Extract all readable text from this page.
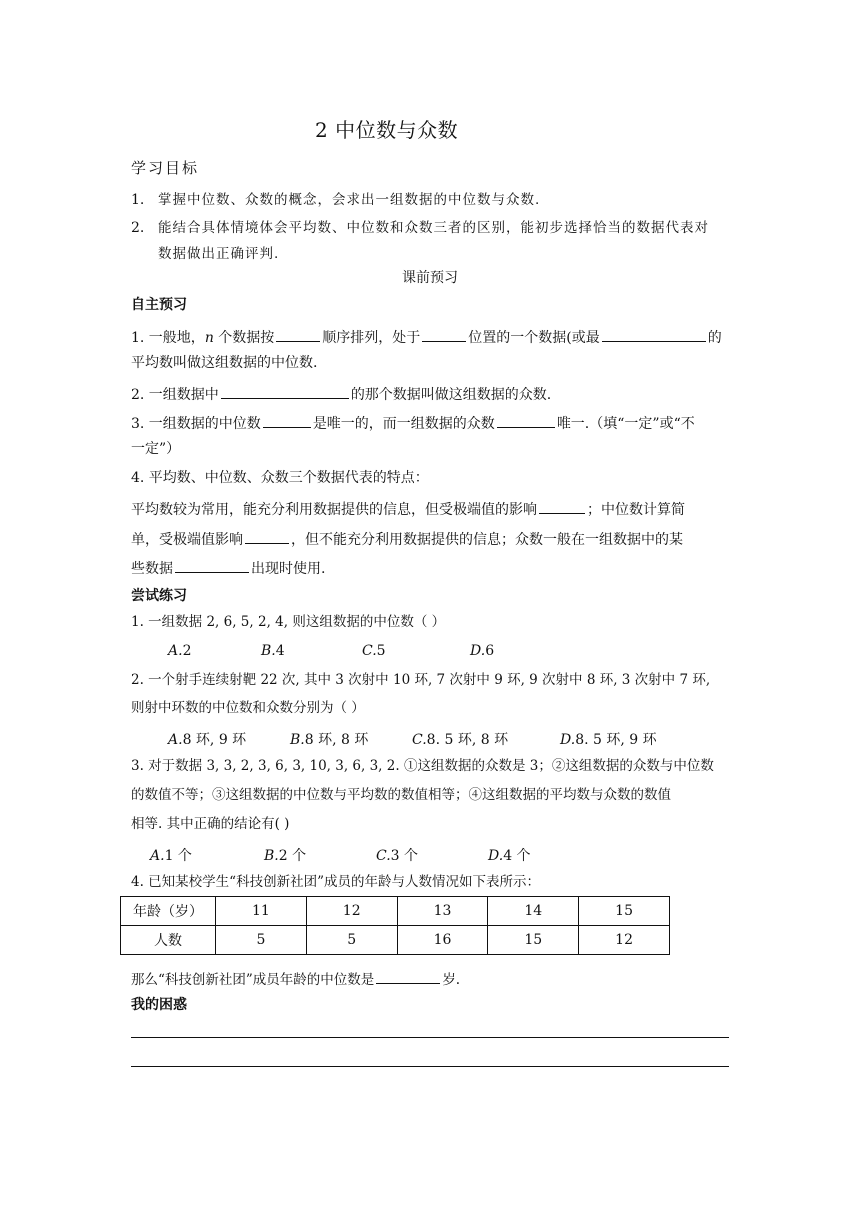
2 中位数与众数
学习目标
1. 掌握中位数、众数的概念，会求出一组数据的中位数与众数.
2. 能结合具体情境体会平均数、中位数和众数三者的区别，能初步选择恰当的数据代表对
数据做出正确评判.
课前预习
自主预习
1. 一般地，n 个数据按	顺序排列，处于	位置的一个数据(或最	的
平均数叫做这组数据的中位数.
2. 一组数据中	的那个数据叫做这组数据的众数.
3. 一组数据的中位数	是唯一的，而一组数据的众数	唯一.（填“一定”或“不
一定”）
4. 平均数、中位数、众数三个数据代表的特点：
平均数较为常用，能充分利用数据提供的信息，但受极端值的影响	；中位数计算简
单，受极端值影响	，但不能充分利用数据提供的信息；众数一般在一组数据中的某
些数据	出现时使用.
尝试练习
1. 一组数据 2, 6, 5, 2, 4, 则这组数据的中位数（ ）
A.2	B.4	C.5	D.6
2. 一个射手连续射靶 22 次, 其中 3 次射中 10 环, 7 次射中 9 环, 9 次射中 8 环, 3 次射中 7 环,
则射中环数的中位数和众数分别为（ ）
A.8 环, 9 环	B.8 环, 8 环	C.8. 5 环, 8 环	D.8. 5 环, 9 环
3. 对于数据 3, 3, 2, 3, 6, 3, 10, 3, 6, 3, 2. ①这组数据的众数是 3；②这组数据的众数与中位数
的数值不等；③这组数据的中位数与平均数的数值相等；④这组数据的平均数与众数的数值
相等. 其中正确的结论有( )
A.1 个	B.2 个	C.3 个	D.4 个
4. 已知某校学生“科技创新社团”成员的年龄与人数情况如下表所示：
年龄（岁）	11	12	13	14	15
人数	5	5	16	15	12
那么“科技创新社团”成员年龄的中位数是	岁.
我的困惑
